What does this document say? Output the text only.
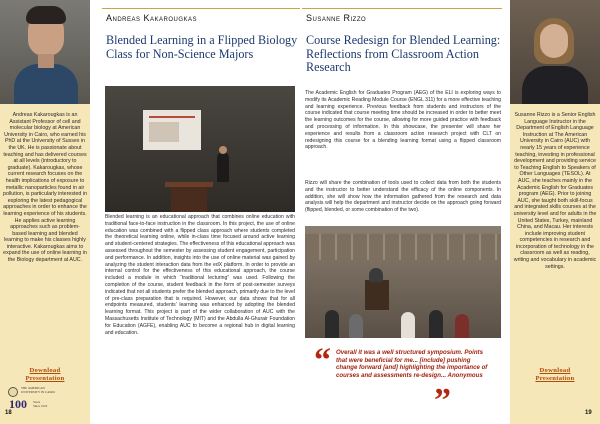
Andreas Kakarougkas is an Assistant Professor of cell and molecular biology at American University in Cairo, who earned his PhD at the University of Sussex in the UK. He is passionate about teaching and has delivered courses at all levels (introductory to graduate). Kakarougkas, whose current research focuses on the health implications of exposure to metallic nanoparticles found in air pollution, is particularly interested in exploring the latest pedagogical approaches in order to enhance the learning experience of his students. He applies active learning approaches such as problem-based learning and blended learning to make his classes highly interactive. Kakarougkas aims to expand the use of online learning in the Biology department at AUC.
Download
Presentation
THE AMERICAN
UNIVERSITY IN CAIRO
100 Years
Since 1919
18
Andreas Kakarougkas
Blended Learning in a Flipped Biology Class for Non-Science Majors
Blended learning is an educational approach that combines online education with traditional face-to-face instruction in the classroom. In this project, the use of online education was combined with a flipped class approach where students completed the theoretical learning online, while in-class time focused around active learning and student-centered strategies. The effectiveness of this educational approach was assessed throughout the semester by assessing student engagement, participation and performance. In addition, insights into the use of online material was gained by analyzing the student interaction data from the edX platform. In order to provide an internal control for the effectiveness of this educational approach, the course included a module in which “traditional lecturing” was used. Following the completion of the course, student feedback in the form of post-semester surveys indicated that not all students prefer the blended approach, primarily due to the level of pre-class preparation that is required. However, our data shows that for all endpoints measured, students’ learning was enhanced by adopting the blended learning format. This project is part of the wider collaboration of AUC with the Massachusetts Institute of Technology (MIT) and the Abdulla Al-Ghurair Foundation for Education (AGFE), enabling AUC to become a regional hub in digital learning and education.
Susanne Rizzo
Course Redesign for Blended Learning: Reflections from Classroom Action Research
The Academic English for Graduates Program (AEG) of the ELI is exploring ways to modify its Academic Reading Module Course (ENGL 311) for a more effective teaching and learning experience. Previous feedback from students and instructors of the course indicated that course meeting time should be increased in order to better meet the learning outcomes for the course, allowing for more guided practice with feedback and processing of information. In this showcase, the presenter will share her experience and results from a classroom action research project with CLT on redesigning this course for a blending learning format using a flipped classroom approach.
Rizzo will share the combination of tools used to collect data from both the students and the instructor to better understand the efficacy of the online components. In addition, she will show how the information gathered from the research and data analysis will help the department and instructor decide on the approach going forward (flipped, blended, or some combination of the two).
“ Overall it was a well structured symposium. Points that were beneficial for me... [include] pushing change forward [and] highlighting the importance of courses and assessments re-design... Anonymous
”
Susanne Rizzo is a Senior English Language Instructor in the Department of English Language Instruction at The American University in Cairo (AUC) with nearly 15 years of experience teaching, investing in professional development and providing service to Teaching English to Speakers of Other Languages (TESOL). At AUC, she teaches mainly in the Academic English for Graduates program (AEG). Prior to joining AUC, she taught both skill-focus and integrated skills courses at the university level and for adults in the United States, Turkey, mainland China, and Macau. Her interests include improving student competencies in research and incorporation of technology in the classroom as well as reading, writing and vocabulary in academic settings.
Download
Presentation
19
